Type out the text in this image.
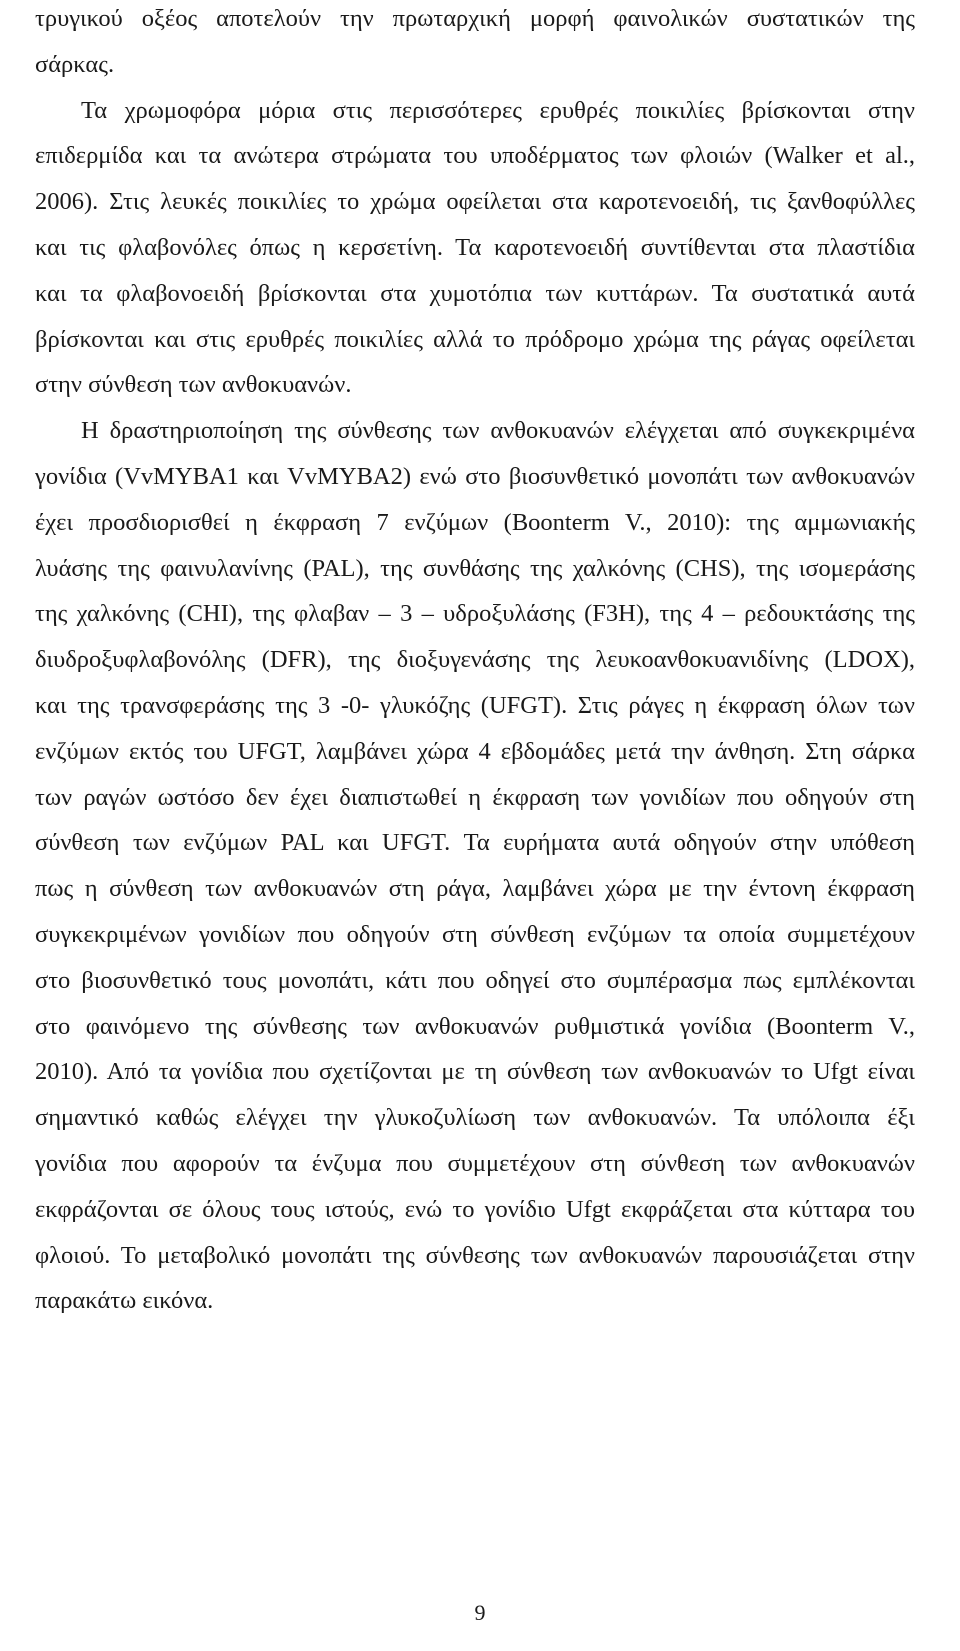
τρυγικού οξέος αποτελούν την πρωταρχική μορφή φαινολικών συστατικών της
σάρκας.
Τα χρωμοφόρα μόρια στις περισσότερες ερυθρές ποικιλίες βρίσκονται στην
επιδερμίδα και τα ανώτερα στρώματα του υποδέρματος των φλοιών (Walker et al.,
2006). Στις λευκές ποικιλίες το χρώμα οφείλεται στα καροτενοειδή, τις ξανθοφύλλες
και τις φλαβονόλες όπως η κερσετίνη. Τα καροτενοειδή συντίθενται στα πλαστίδια
και τα φλαβονοειδή βρίσκονται στα χυμοτόπια των κυττάρων. Τα συστατικά αυτά
βρίσκονται και στις ερυθρές ποικιλίες αλλά το πρόδρομο χρώμα της ράγας οφείλεται
στην σύνθεση των ανθοκυανών.
Η δραστηριοποίηση της σύνθεσης των ανθοκυανών ελέγχεται από συγκεκριμένα
γονίδια (VvMYBA1 και VvMYBA2) ενώ στο βιοσυνθετικό μονοπάτι των ανθοκυανών
έχει προσδιορισθεί η έκφραση 7 ενζύμων (Boonterm V., 2010): της αμμωνιακής
λυάσης της φαινυλανίνης (PAL), της συνθάσης της χαλκόνης (CHS), της ισομεράσης
της χαλκόνης (CHI), της φλαβαν – 3 – υδροξυλάσης (F3H), της 4 – ρεδουκτάσης της
διυδροξυφλαβονόλης (DFR), της διοξυγενάσης της λευκοανθοκυανιδίνης (LDOX),
και της τρανσφεράσης της 3 -0- γλυκόζης (UFGT). Στις ράγες η έκφραση όλων των
ενζύμων εκτός του UFGT, λαμβάνει χώρα 4 εβδομάδες μετά την άνθηση. Στη σάρκα
των ραγών ωστόσο δεν έχει διαπιστωθεί η έκφραση των γονιδίων που οδηγούν στη
σύνθεση των ενζύμων PAL και UFGT. Τα ευρήματα αυτά οδηγούν στην υπόθεση
πως η σύνθεση των ανθοκυανών στη ράγα, λαμβάνει χώρα με την έντονη έκφραση
συγκεκριμένων γονιδίων που οδηγούν στη σύνθεση ενζύμων τα οποία συμμετέχουν
στο βιοσυνθετικό τους μονοπάτι, κάτι που οδηγεί στο συμπέρασμα πως εμπλέκονται
στο φαινόμενο της σύνθεσης των ανθοκυανών ρυθμιστικά γονίδια (Boonterm V.,
2010). Από τα γονίδια που σχετίζονται με τη σύνθεση των ανθοκυανών το Ufgt είναι
σημαντικό καθώς ελέγχει την γλυκοζυλίωση των ανθοκυανών. Τα υπόλοιπα έξι
γονίδια που αφορούν τα ένζυμα που συμμετέχουν στη σύνθεση των ανθοκυανών
εκφράζονται σε όλους τους ιστούς, ενώ το γονίδιο Ufgt εκφράζεται στα κύτταρα του
φλοιού. Το μεταβολικό μονοπάτι της σύνθεσης των ανθοκυανών παρουσιάζεται στην
παρακάτω εικόνα.
9
